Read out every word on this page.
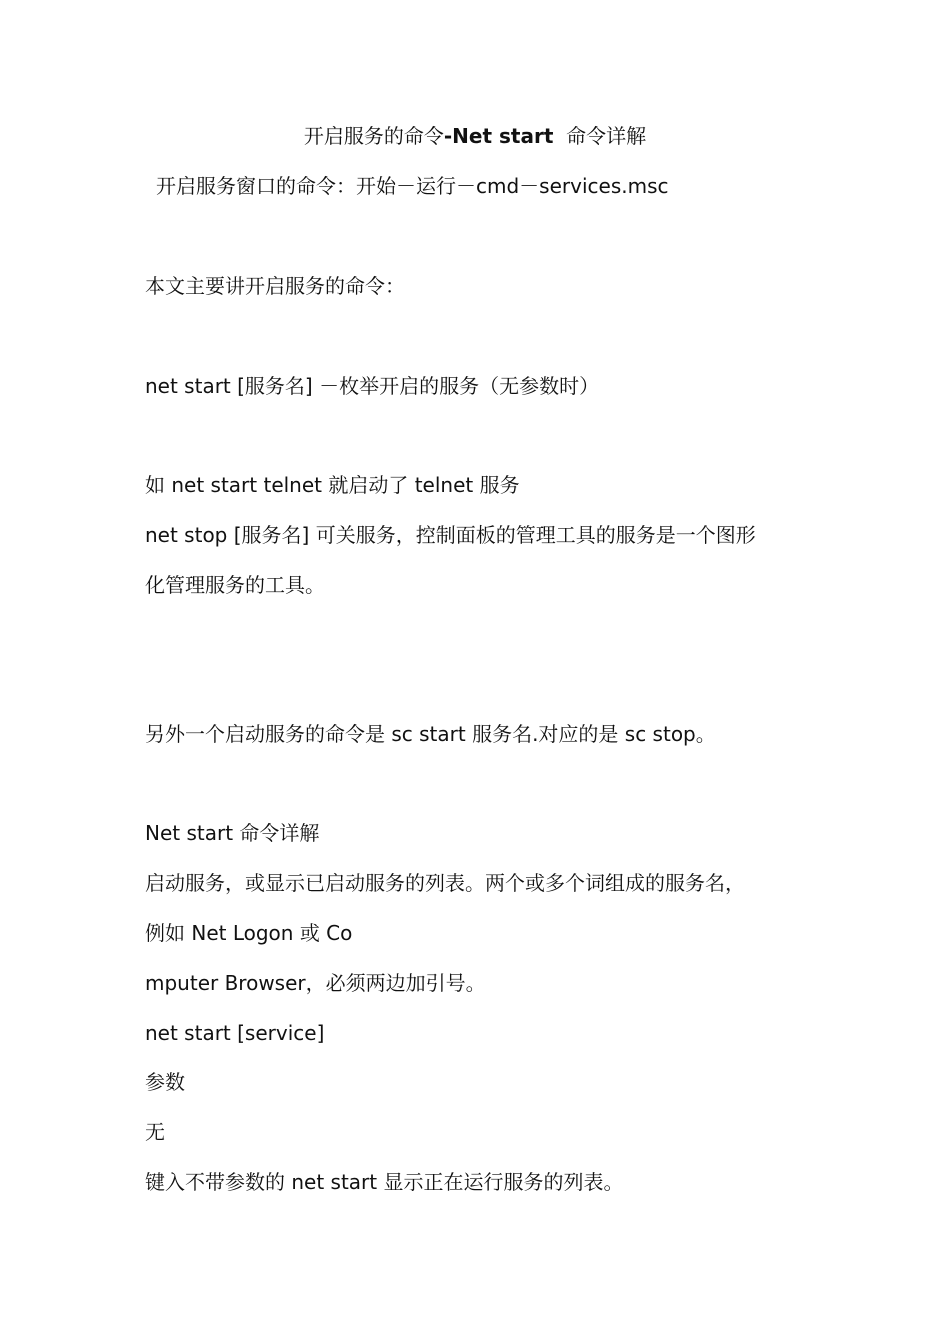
开启服务的命令-Net start  命令详解
开启服务窗口的命令：开始－运行－cmd－services.msc
本文主要讲开启服务的命令：
net start [服务名] －枚举开启的服务（无参数时）
如 net start telnet 就启动了 telnet 服务
net stop [服务名] 可关服务，控制面板的管理工具的服务是一个图形
化管理服务的工具。
另外一个启动服务的命令是 sc start 服务名.对应的是 sc stop。
Net start 命令详解
启动服务，或显示已启动服务的列表。两个或多个词组成的服务名，
例如 Net Logon 或 Co
mputer Browser，必须两边加引号。
net start [service]
参数
无
键入不带参数的 net start 显示正在运行服务的列表。
